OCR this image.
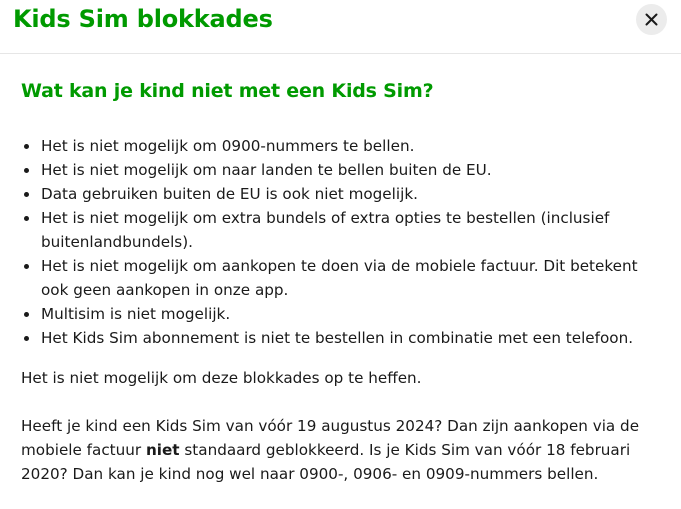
Kids Sim blokkades
Wat kan je kind niet met een Kids Sim?
Het is niet mogelijk om 0900-nummers te bellen.
Het is niet mogelijk om naar landen te bellen buiten de EU.
Data gebruiken buiten de EU is ook niet mogelijk.
Het is niet mogelijk om extra bundels of extra opties te bestellen (inclusief buitenlandbundels).
Het is niet mogelijk om aankopen te doen via de mobiele factuur. Dit betekent ook geen aankopen in onze app.
Multisim is niet mogelijk.
Het Kids Sim abonnement is niet te bestellen in combinatie met een telefoon.

Het is niet mogelijk om deze blokkades op te heffen.

Heeft je kind een Kids Sim van vóór 19 augustus 2024? Dan zijn aankopen via de mobiele factuur niet standaard geblokkeerd. Is je Kids Sim van vóór 18 februari 2020? Dan kan je kind nog wel naar 0900-, 0906- en 0909-nummers bellen.
